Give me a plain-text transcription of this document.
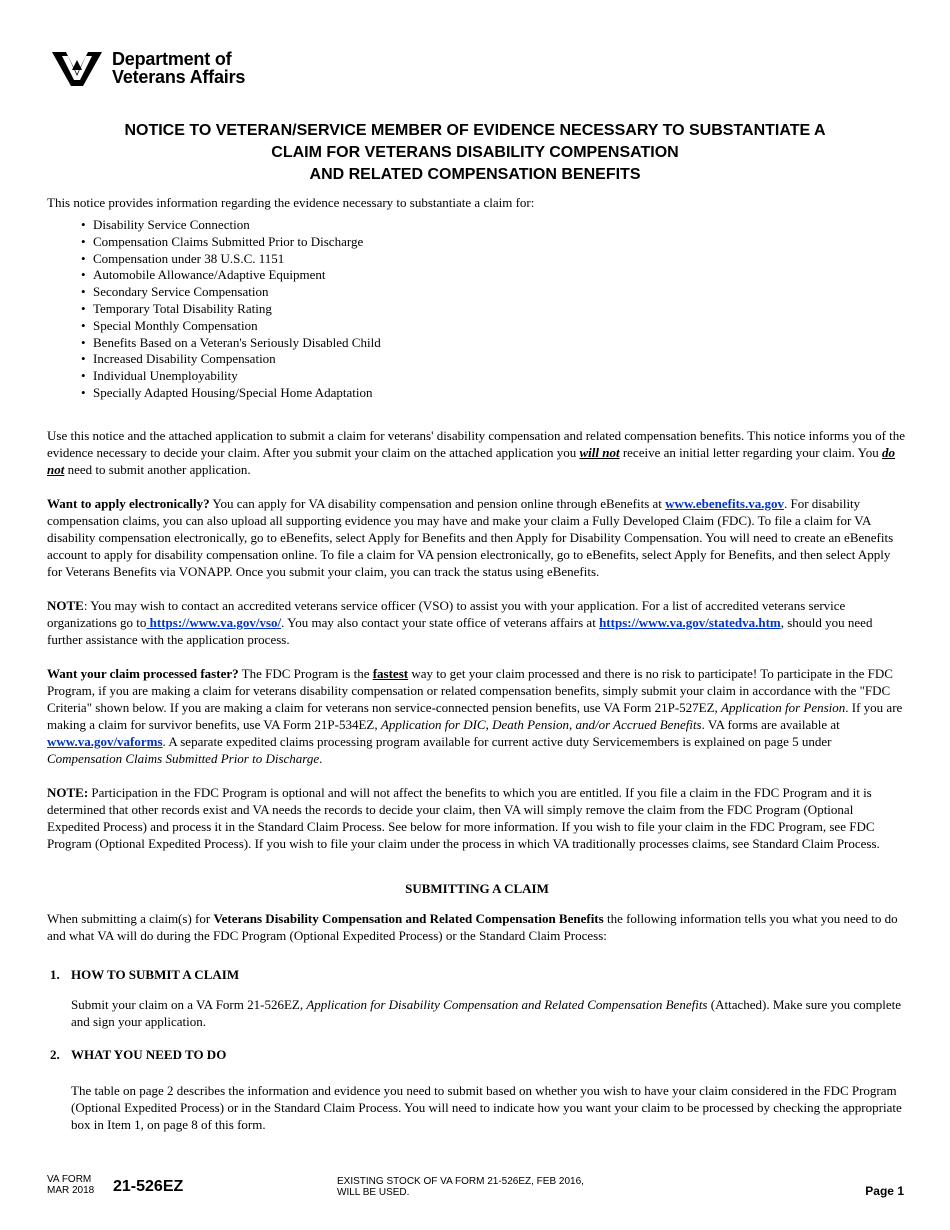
Department of
Veterans Affairs
NOTICE TO VETERAN/SERVICE MEMBER OF EVIDENCE NECESSARY TO SUBSTANTIATE A
CLAIM FOR VETERANS DISABILITY COMPENSATION
AND RELATED COMPENSATION BENEFITS

This notice provides information regarding the evidence necessary to substantiate a claim for:

• Disability Service Connection
• Compensation Claims Submitted Prior to Discharge
• Compensation under 38 U.S.C. 1151
• Automobile Allowance/Adaptive Equipment
• Secondary Service Compensation
• Temporary Total Disability Rating
• Special Monthly Compensation
• Benefits Based on a Veteran's Seriously Disabled Child
• Increased Disability Compensation
• Individual Unemployability
• Specially Adapted Housing/Special Home Adaptation

Use this notice and the attached application to submit a claim for veterans' disability compensation and related compensation benefits. This notice informs you of the evidence necessary to decide your claim. After you submit your claim on the attached application you will not receive an initial letter regarding your claim. You do not need to submit another application.

Want to apply electronically? You can apply for VA disability compensation and pension online through eBenefits at www.ebenefits.va.gov. For disability compensation claims, you can also upload all supporting evidence you may have and make your claim a Fully Developed Claim (FDC). To file a claim for VA disability compensation electronically, go to eBenefits, select Apply for Benefits and then Apply for Disability Compensation. You will need to create an eBenefits account to apply for disability compensation online. To file a claim for VA pension electronically, go to eBenefits, select Apply for Benefits, and then select Apply for Veterans Benefits via VONAPP. Once you submit your claim, you can track the status using eBenefits.

NOTE: You may wish to contact an accredited veterans service officer (VSO) to assist you with your application. For a list of accredited veterans service organizations go to https://www.va.gov/vso/. You may also contact your state office of veterans affairs at https://www.va.gov/statedva.htm, should you need further assistance with the application process.

Want your claim processed faster? The FDC Program is the fastest way to get your claim processed and there is no risk to participate! To participate in the FDC Program, if you are making a claim for veterans disability compensation or related compensation benefits, simply submit your claim in accordance with the "FDC Criteria" shown below. If you are making a claim for veterans non service-connected pension benefits, use VA Form 21P-527EZ, Application for Pension. If you are making a claim for survivor benefits, use VA Form 21P-534EZ, Application for DIC, Death Pension, and/or Accrued Benefits. VA forms are available at www.va.gov/vaforms. A separate expedited claims processing program available for current active duty Servicemembers is explained on page 5 under Compensation Claims Submitted Prior to Discharge.

NOTE: Participation in the FDC Program is optional and will not affect the benefits to which you are entitled. If you file a claim in the FDC Program and it is determined that other records exist and VA needs the records to decide your claim, then VA will simply remove the claim from the FDC Program (Optional Expedited Process) and process it in the Standard Claim Process. See below for more information. If you wish to file your claim in the FDC Program, see FDC Program (Optional Expedited Process). If you wish to file your claim under the process in which VA traditionally processes claims, see Standard Claim Process.

SUBMITTING A CLAIM

When submitting a claim(s) for Veterans Disability Compensation and Related Compensation Benefits the following information tells you what you need to do and what VA will do during the FDC Program (Optional Expedited Process) or the Standard Claim Process:

1. HOW TO SUBMIT A CLAIM

Submit your claim on a VA Form 21-526EZ, Application for Disability Compensation and Related Compensation Benefits (Attached). Make sure you complete and sign your application.

2. WHAT YOU NEED TO DO

The table on page 2 describes the information and evidence you need to submit based on whether you wish to have your claim considered in the FDC Program (Optional Expedited Process) or in the Standard Claim Process. You will need to indicate how you want your claim to be processed by checking the appropriate box in Item 1, on page 8 of this form.

VA FORM
MAR 2018 21-526EZ	EXISTING STOCK OF VA FORM 21-526EZ, FEB 2016,
WILL BE USED.	Page 1
